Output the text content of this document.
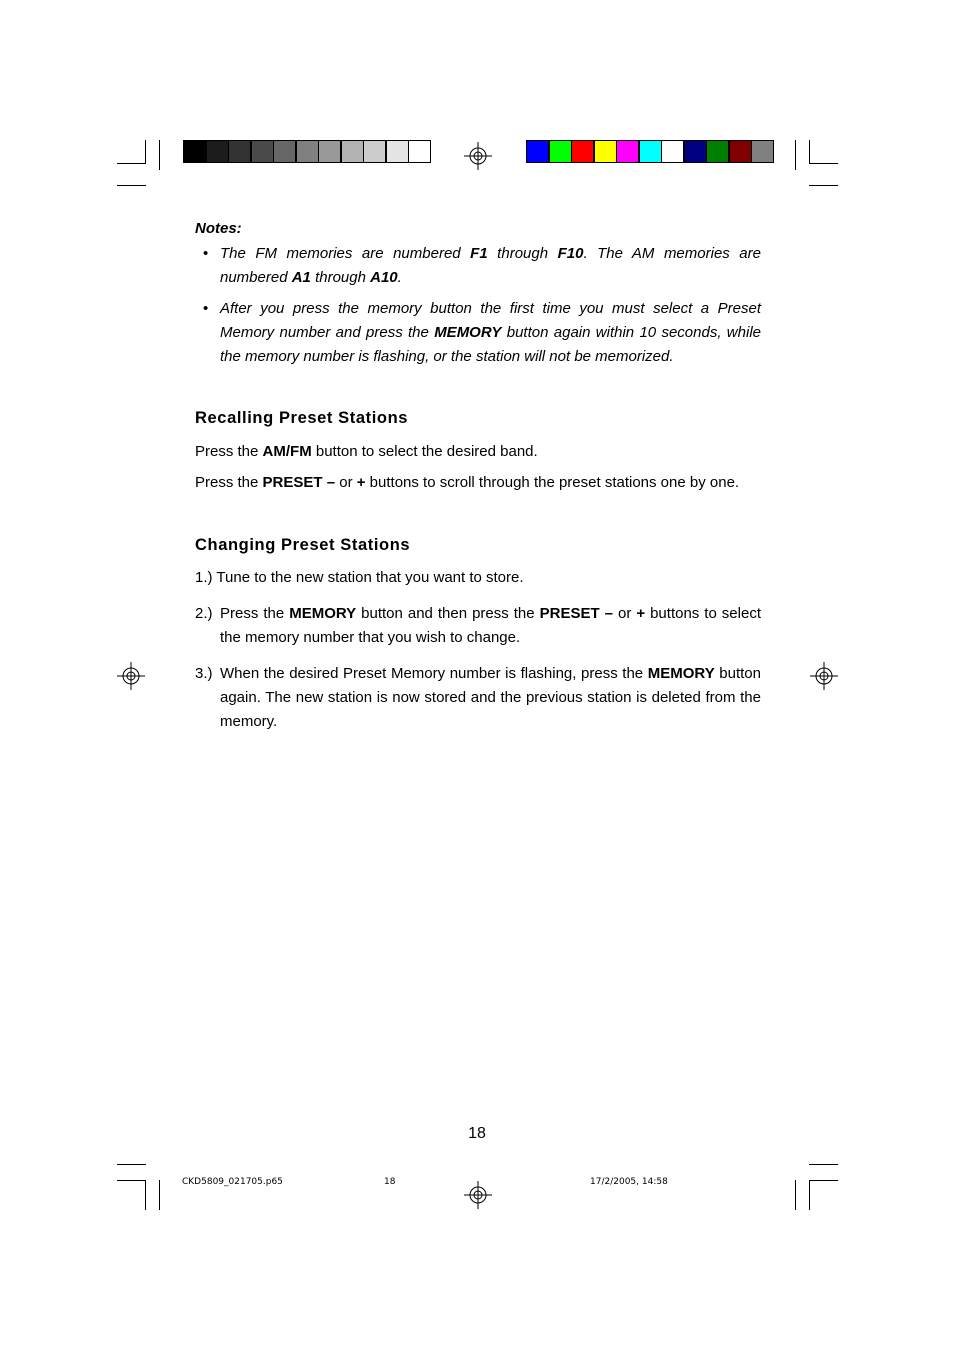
Notes:
• The FM memories are numbered F1 through F10. The AM memories are numbered A1 through A10.
• After you press the memory button the first time you must select a Preset Memory number and press the MEMORY button again within 10 seconds, while the memory number is flashing, or the station will not be memorized.
Recalling Preset Stations
Press the AM/FM button to select the desired band.
Press the PRESET – or + buttons to scroll through the preset stations one by one.
Changing Preset Stations
1.) Tune to the new station that you want to store.
2.) Press the MEMORY button and then press the PRESET – or + buttons to select the memory number that you wish to change.
3.) When the desired Preset Memory number is flashing, press the MEMORY button again. The new station is now stored and the previous station is deleted from the memory.
18
CKD5809_021705.p65	18	17/2/2005, 14:58
